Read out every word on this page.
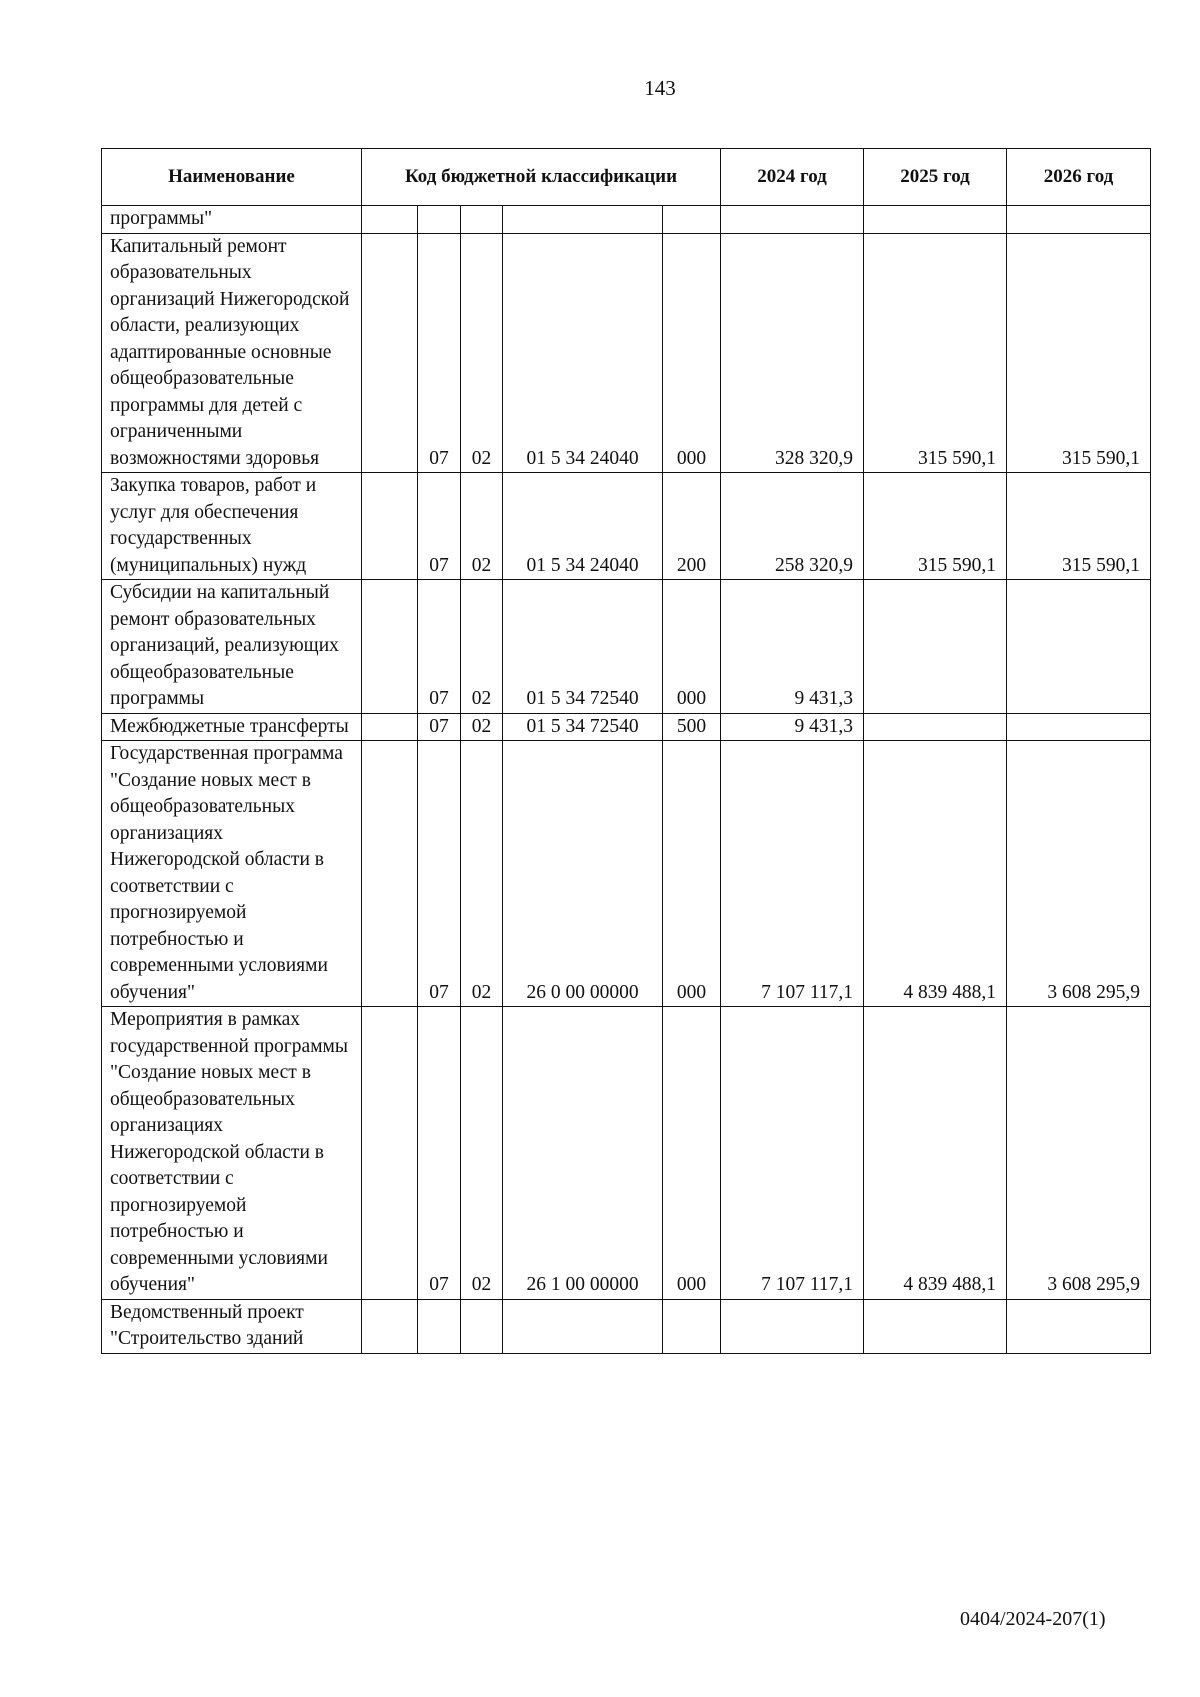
143
Наименование	Код бюджетной классификации					2024 год	2025 год	2026 год
программы"								
Капитальный ремонт образовательных организаций Нижегородской области, реализующих адаптированные основные общеобразовательные программы для детей с ограниченными возможностями здоровья		07	02	01 5 34 24040	000	328 320,9	315 590,1	315 590,1
Закупка товаров, работ и услуг для обеспечения государственных (муниципальных) нужд		07	02	01 5 34 24040	200	258 320,9	315 590,1	315 590,1
Субсидии на капитальный ремонт образовательных организаций, реализующих общеобразовательные программы		07	02	01 5 34 72540	000	9 431,3		
Межбюджетные трансферты		07	02	01 5 34 72540	500	9 431,3		
Государственная программа "Создание новых мест в общеобразовательных организациях Нижегородской области в соответствии с прогнозируемой потребностью и современными условиями обучения"		07	02	26 0 00 00000	000	7 107 117,1	4 839 488,1	3 608 295,9
Мероприятия в рамках государственной программы "Создание новых мест в общеобразовательных организациях Нижегородской области в соответствии с прогнозируемой потребностью и современными условиями обучения"		07	02	26 1 00 00000	000	7 107 117,1	4 839 488,1	3 608 295,9
Ведомственный проект "Строительство зданий								
0404/2024-207(1)
